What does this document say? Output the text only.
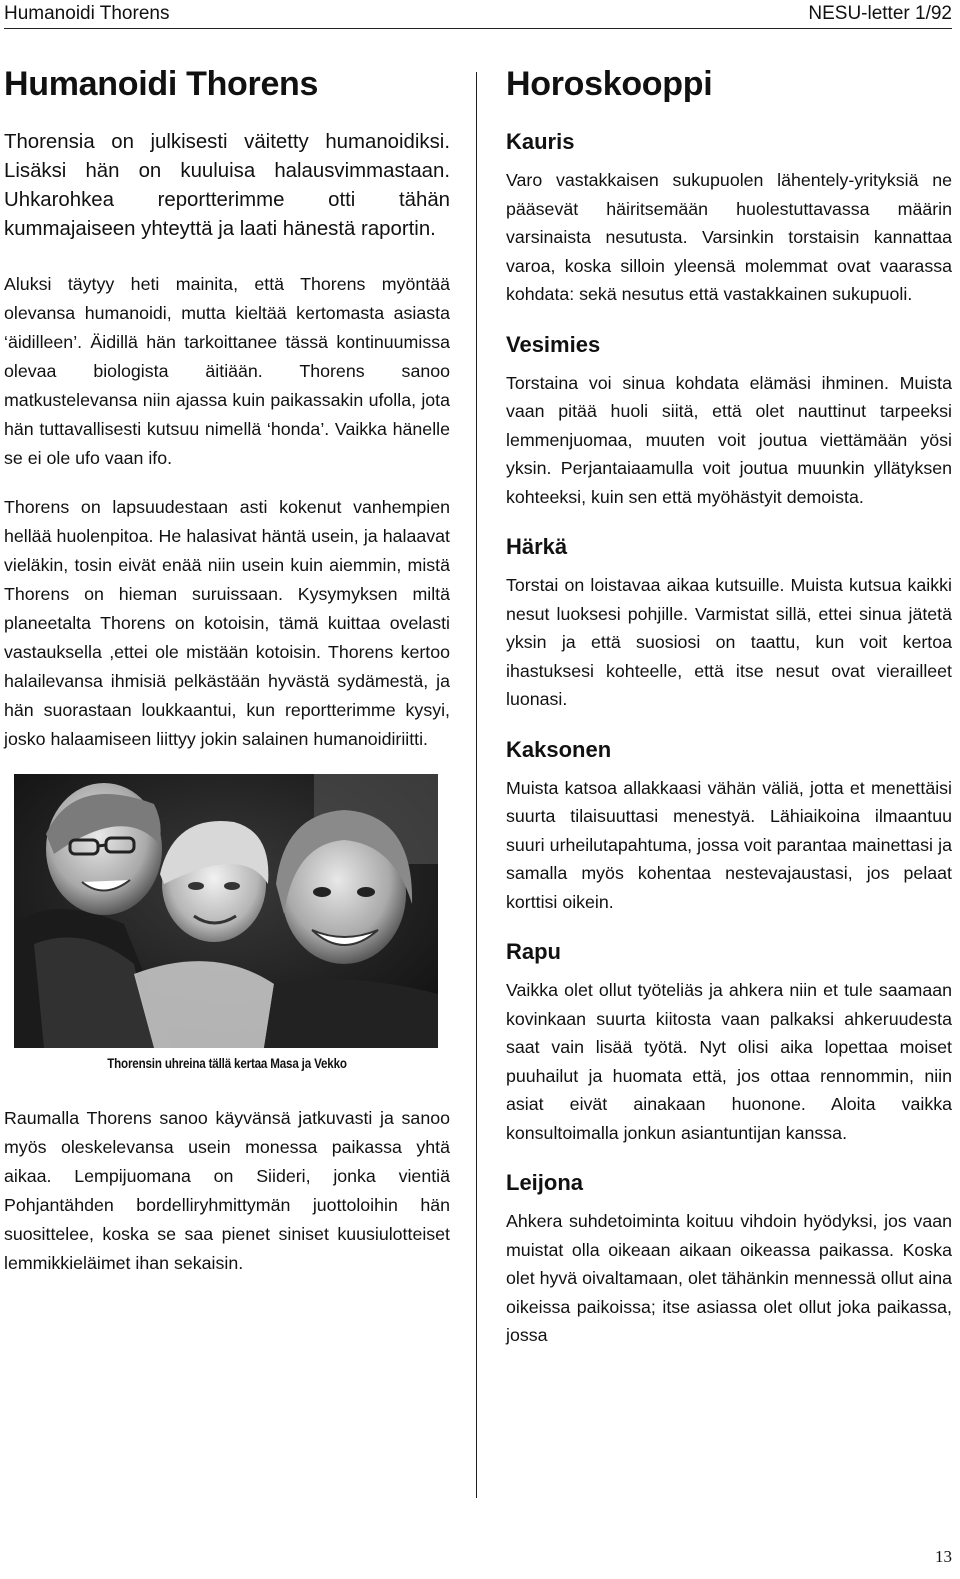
Humanoidi Thorens	NESU-letter 1/92
Humanoidi Thorens

Thorensia on julkisesti väitetty humanoidiksi. Lisäksi hän on kuuluisa halausvimmastaan. Uhkarohkea reportterimme otti tähän kummajaiseen yhteyttä ja laati hänestä raportin.

Aluksi täytyy heti mainita, että Thorens myöntää olevansa humanoidi, mutta kieltää kertomasta asiasta ‘äidilleen’. Äidillä hän tarkoittanee tässä kontinuumissa olevaa biologista äitiään. Thorens sanoo matkustelevansa niin ajassa kuin paikassakin ufolla, jota hän tuttavallisesti kutsuu nimellä ‘honda’. Vaikka hänelle se ei ole ufo vaan ifo.

Thorens on lapsuudestaan asti kokenut vanhempien hellää huolenpitoa. He halasivat häntä usein, ja halaavat vieläkin, tosin eivät enää niin usein kuin aiemmin, mistä Thorens on hieman suruissaan. Kysymyksen miltä planeetalta Thorens on kotoisin, tämä kuittaa ovelasti vastauksella ,ettei ole mistään kotoisin. Thorens kertoo halailevansa ihmisiä pelkästään hyvästä sydämestä, ja hän suorastaan loukkaantui, kun reportterimme kysyi, josko halaamiseen liittyy jokin salainen humanoidiriitti.

Thorensin uhreina tällä kertaa Masa ja Vekko

Raumalla Thorens sanoo käyvänsä jatkuvasti ja sanoo myös oleskelevansa usein monessa paikassa yhtä aikaa. Lempijuomana on Siideri, jonka vientiä Pohjantähden bordelliryhmittymän juottoloihin hän suosittelee, koska se saa pienet siniset kuusiulotteiset lemmikkieläimet ihan sekaisin.

Horoskooppi
Kauris

Varo vastakkaisen sukupuolen lähentely-yrityksiä ne pääsevät häiritsemään huolestuttavassa määrin varsinaista nesutusta. Varsinkin torstaisin kannattaa varoa, koska silloin yleensä molemmat ovat vaarassa kohdata: sekä nesutus että vastakkainen sukupuoli.

Vesimies

Torstaina voi sinua kohdata elämäsi ihminen. Muista vaan pitää huoli siitä, että olet nauttinut tarpeeksi lemmenjuomaa, muuten voit joutua viettämään yösi yksin. Perjantaiaamulla voit joutua muunkin yllätyksen kohteeksi, kuin sen että myöhästyit demoista.

Härkä

Torstai on loistavaa aikaa kutsuille. Muista kutsua kaikki nesut luoksesi pohjille. Varmistat sillä, ettei sinua jätetä yksin ja että suosiosi on taattu, kun voit kertoa ihastuksesi kohteelle, että itse nesut ovat vierailleet luonasi.

Kaksonen

Muista katsoa allakkaasi vähän väliä, jotta et menettäisi suurta tilaisuuttasi menestyä. Lähiaikoina ilmaantuu suuri urheilutapahtuma, jossa voit parantaa mainettasi ja samalla myös kohentaa nestevajaustasi, jos pelaat korttisi oikein.

Rapu

Vaikka olet ollut työteliäs ja ahkera niin et tule saamaan kovinkaan suurta kiitosta vaan palkaksi ahkeruudesta saat vain lisää työtä. Nyt olisi aika lopettaa moiset puuhailut ja huomata että, jos ottaa rennommin, niin asiat eivät ainakaan huonone. Aloita vaikka konsultoimalla jonkun asiantuntijan kanssa.

Leijona

Ahkera suhdetoiminta koituu vihdoin hyödyksi, jos vaan muistat olla oikeaan aikaan oikeassa paikassa. Koska olet hyvä oivaltamaan, olet tähänkin mennessä ollut aina oikeissa paikoissa; itse asiassa olet ollut joka paikassa, jossa

13
